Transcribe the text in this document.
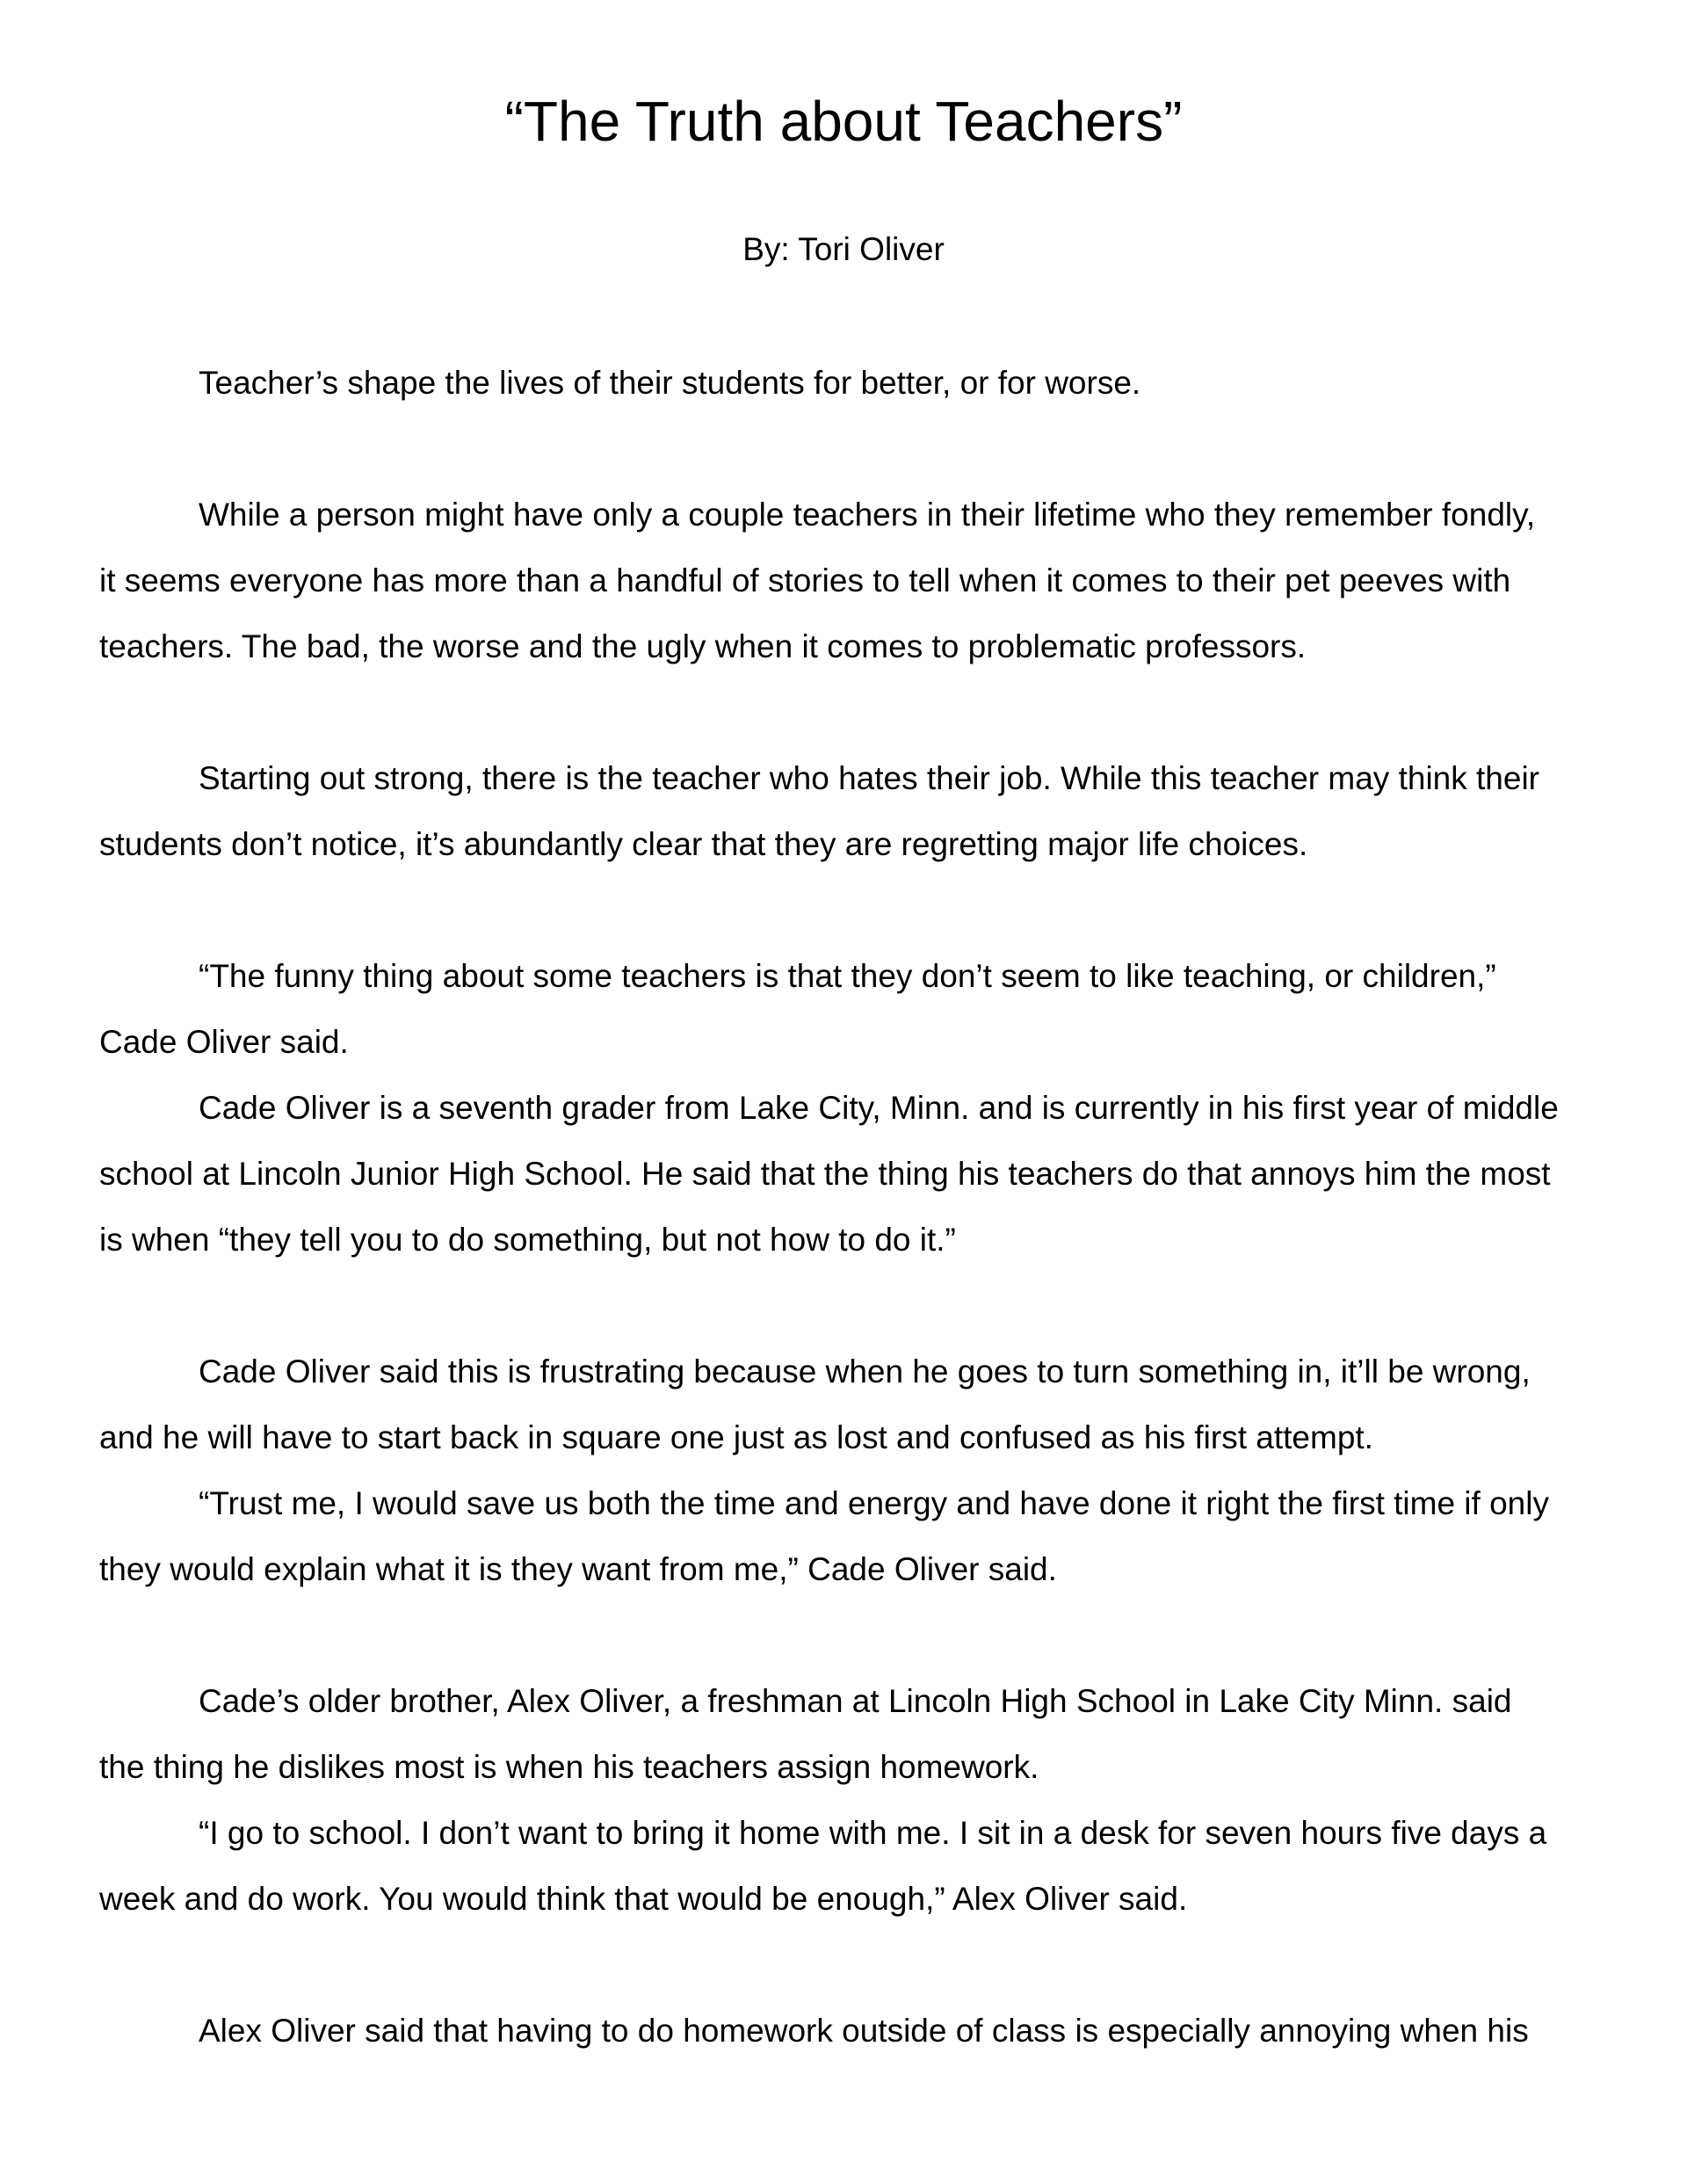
“The Truth about Teachers”
By: Tori Oliver
Teacher’s shape the lives of their students for better, or for worse.
While a person might have only a couple teachers in their lifetime who they remember fondly,
it seems everyone has more than a handful of stories to tell when it comes to their pet peeves with
teachers. The bad, the worse and the ugly when it comes to problematic professors.
Starting out strong, there is the teacher who hates their job. While this teacher may think their
students don’t notice, it’s abundantly clear that they are regretting major life choices.
“The funny thing about some teachers is that they don’t seem to like teaching, or children,”
Cade Oliver said.
Cade Oliver is a seventh grader from Lake City, Minn. and is currently in his first year of middle
school at Lincoln Junior High School. He said that the thing his teachers do that annoys him the most
is when “they tell you to do something, but not how to do it.”
Cade Oliver said this is frustrating because when he goes to turn something in, it’ll be wrong,
and he will have to start back in square one just as lost and confused as his first attempt.
“Trust me, I would save us both the time and energy and have done it right the first time if only
they would explain what it is they want from me,” Cade Oliver said.
Cade’s older brother, Alex Oliver, a freshman at Lincoln High School in Lake City Minn. said
the thing he dislikes most is when his teachers assign homework.
“I go to school. I don’t want to bring it home with me. I sit in a desk for seven hours five days a
week and do work. You would think that would be enough,” Alex Oliver said.
Alex Oliver said that having to do homework outside of class is especially annoying when his
